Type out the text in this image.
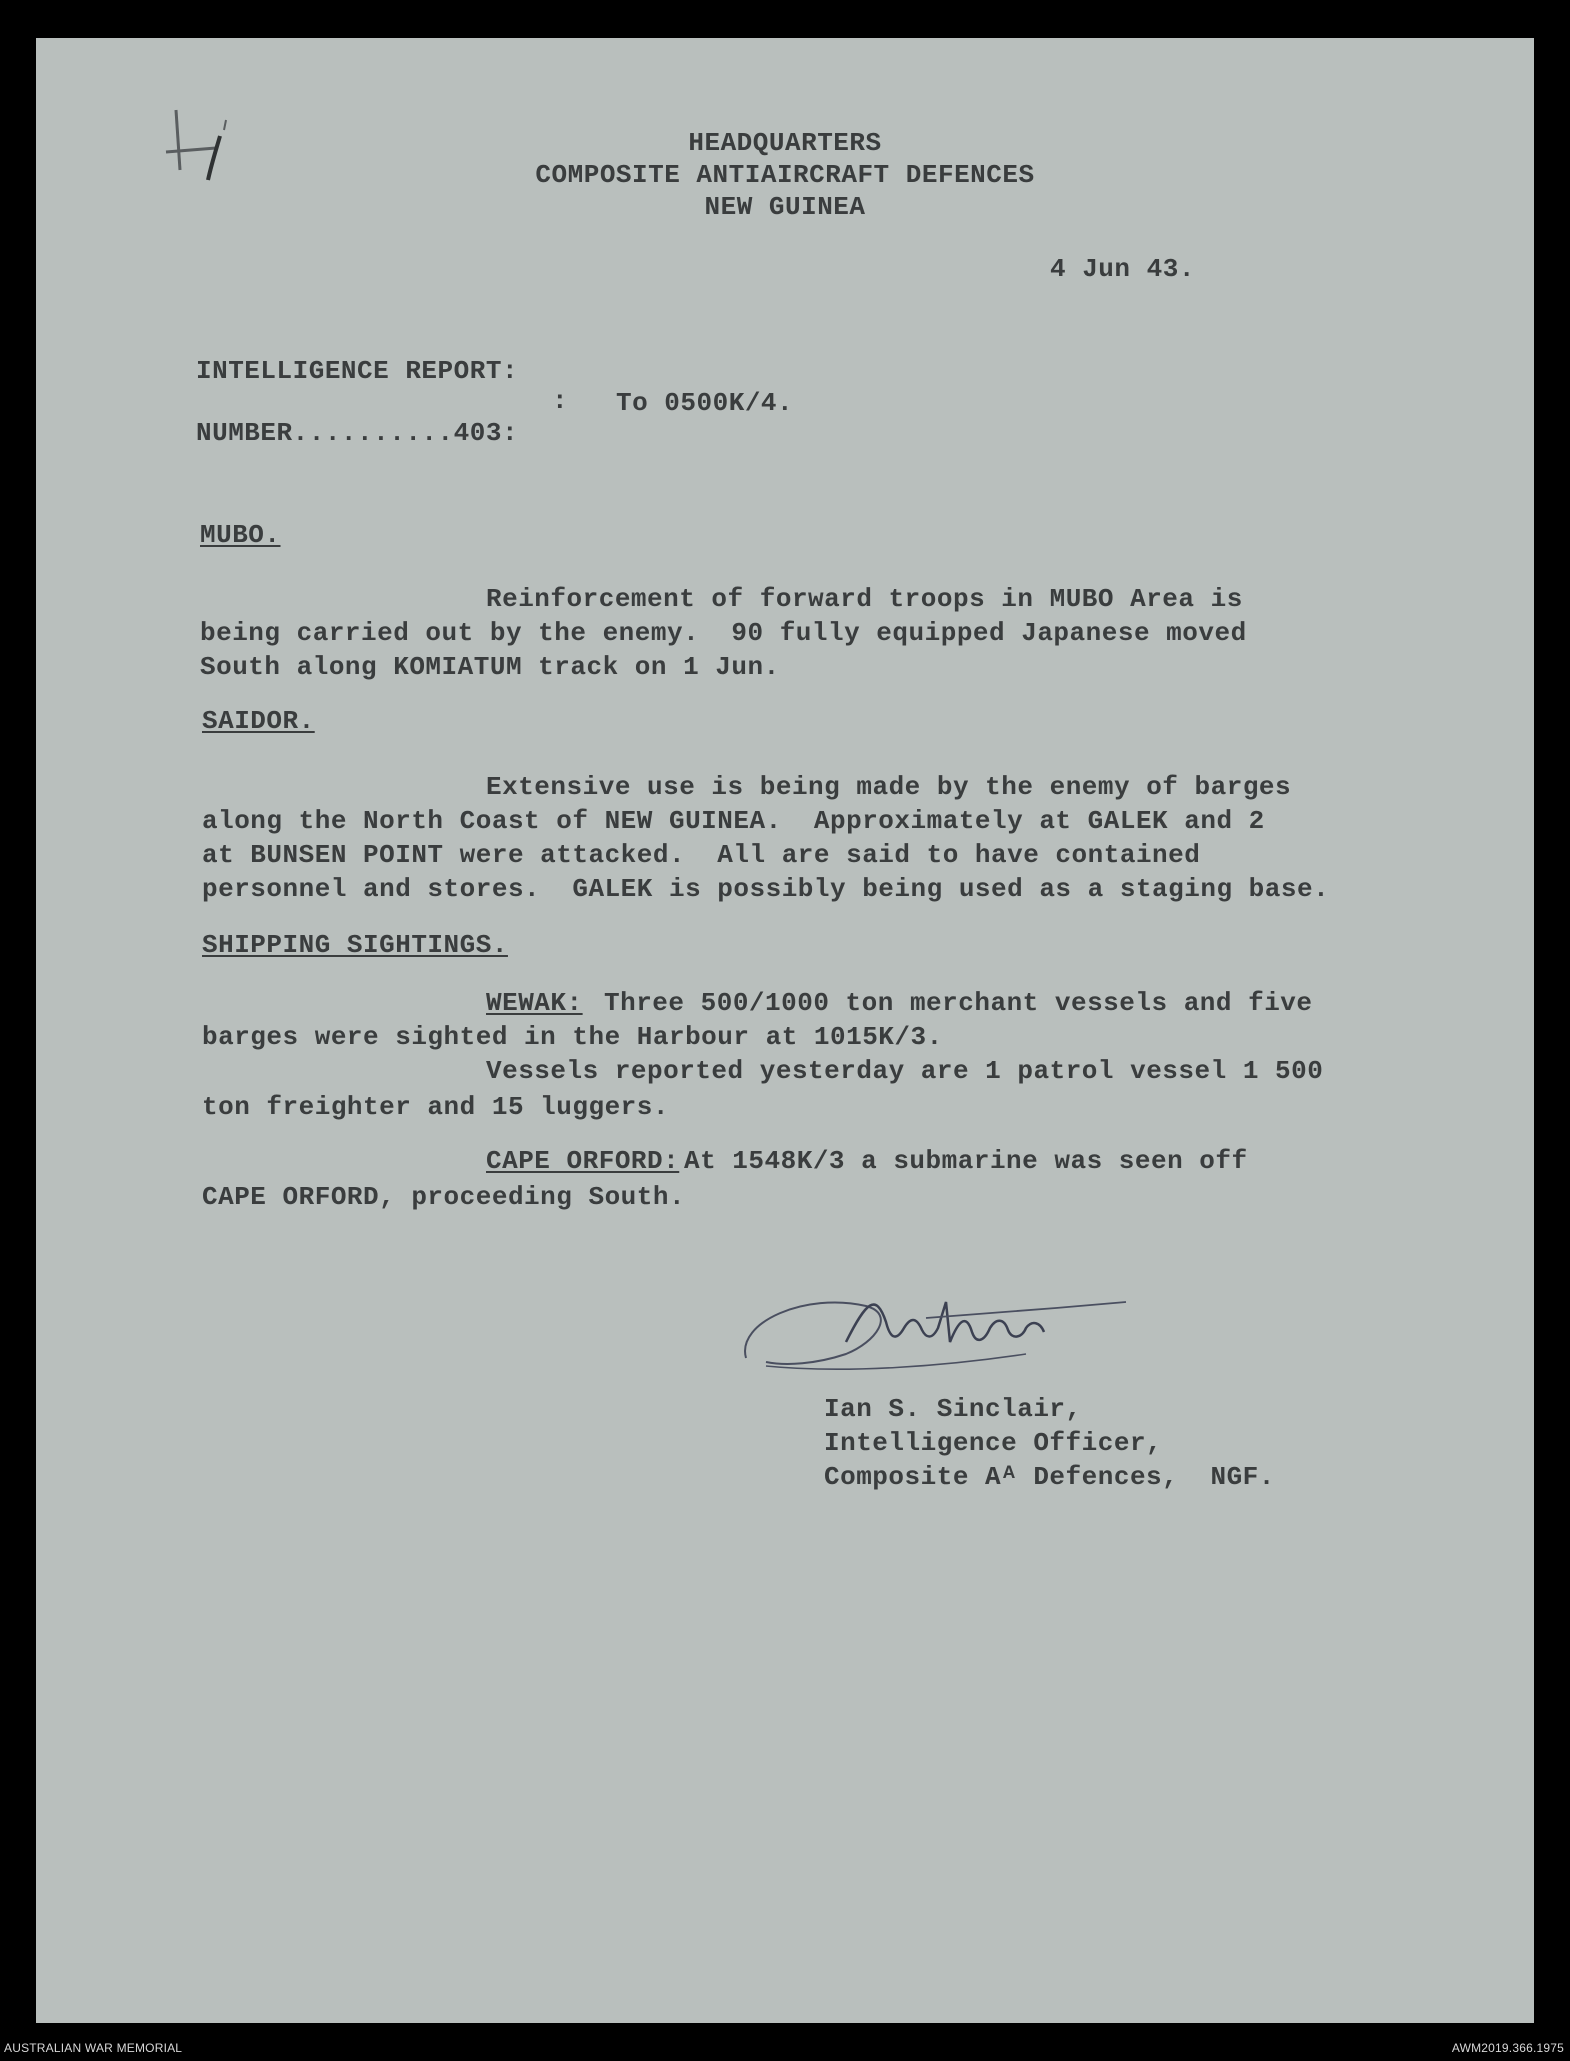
HEADQUARTERS
COMPOSITE ANTIAIRCRAFT DEFENCES
NEW GUINEA
4 Jun 43.
INTELLIGENCE REPORT:
:
NUMBER..........403:
To 0500K/4.
MUBO.
Reinforcement of forward troops in MUBO Area is
being carried out by the enemy.  90 fully equipped Japanese moved
South along KOMIATUM track on 1 Jun.
SAIDOR.
Extensive use is being made by the enemy of barges
along the North Coast of NEW GUINEA.  Approximately at GALEK and 2
at BUNSEN POINT were attacked.  All are said to have contained
personnel and stores.  GALEK is possibly being used as a staging base.
SHIPPING SIGHTINGS.
WEWAK: Three 500/1000 ton merchant vessels and five
barges were sighted in the Harbour at 1015K/3.
Vessels reported yesterday are 1 patrol vessel 1 500
ton freighter and 15 luggers.
CAPE ORFORD: At 1548K/3 a submarine was seen off
CAPE ORFORD, proceeding South.
Ian S. Sinclair,
Intelligence Officer,
Composite Aᴬ Defences,  NGF.
AUSTRALIAN WAR MEMORIAL	AWM2019.366.1975
